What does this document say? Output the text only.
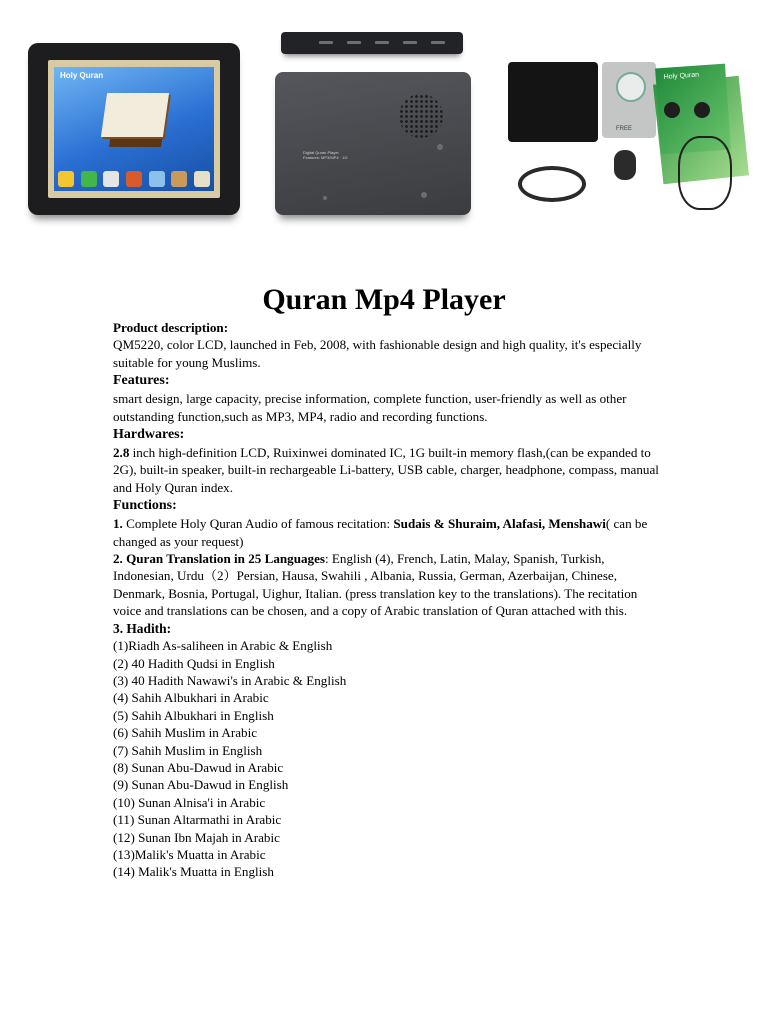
Holy Quran
Digital Quran Player
Features: MP3/MP4 · 1G
FREE
Holy Quran
Quran Mp4 Player

Product description:

QM5220, color LCD, launched in Feb, 2008, with fashionable design and high quality, it's especially suitable for young Muslims.

Features:

smart design, large capacity, precise information, complete function, user-friendly as well as other outstanding function,such as MP3, MP4, radio and recording functions.

Hardwares:

2.8 inch high-definition LCD, Ruixinwei dominated IC, 1G built-in memory flash,(can be expanded to 2G), built-in speaker, built-in rechargeable Li-battery, USB cable, charger, headphone, compass, manual and Holy Quran index.

Functions:

1. Complete Holy Quran Audio of famous recitation: Sudais & Shuraim, Alafasi, Menshawi( can be changed as your request)

2. Quran Translation in 25 Languages: English (4), French, Latin, Malay, Spanish, Turkish, Indonesian, Urdu（2）Persian, Hausa, Swahili , Albania, Russia, German, Azerbaijan, Chinese, Denmark, Bosnia, Portugal, Uighur, Italian. (press translation key to the translations). The recitation voice and translations can be chosen, and a copy of Arabic translation of Quran attached with this.

3. Hadith:

(1)Riadh As-saliheen in Arabic & English

(2) 40 Hadith Qudsi in English

(3) 40 Hadith Nawawi's in Arabic & English

(4) Sahih Albukhari in Arabic

(5) Sahih Albukhari in English

(6) Sahih Muslim in Arabic

(7) Sahih Muslim in English

(8) Sunan Abu-Dawud in Arabic

(9) Sunan Abu-Dawud in English

(10) Sunan Alnisa'i in Arabic

(11) Sunan Altarmathi in Arabic

(12) Sunan Ibn Majah in Arabic

(13)Malik's Muatta in Arabic

(14) Malik's Muatta in English
